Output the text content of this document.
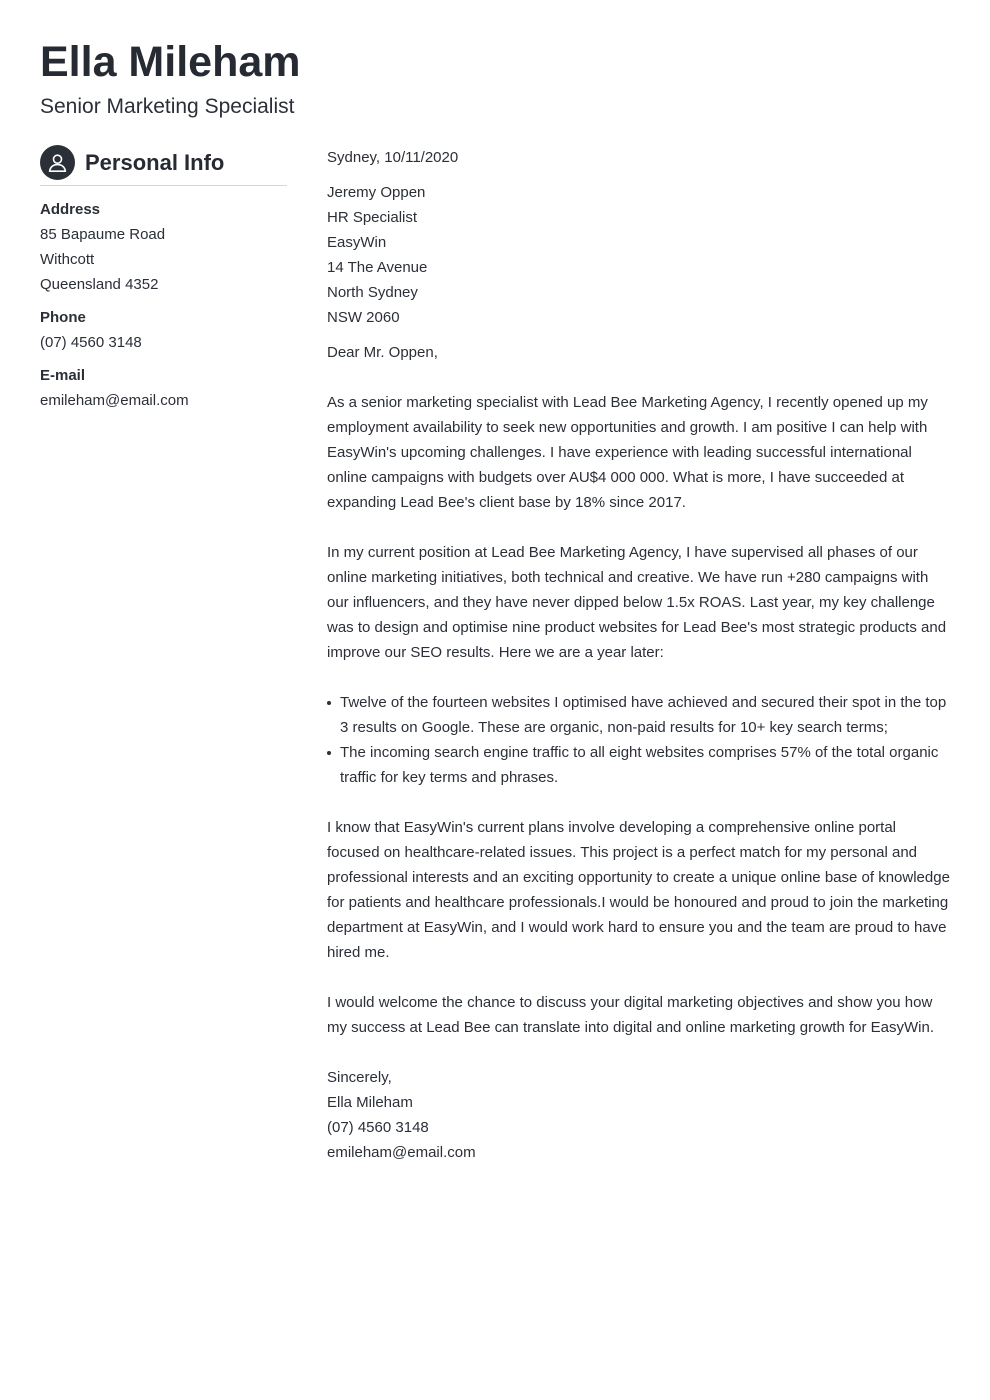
Ella Mileham
Senior Marketing Specialist
Personal Info
Address
85 Bapaume Road
Withcott
Queensland 4352
Phone
(07) 4560 3148
E-mail
emileham@email.com
Sydney, 10/11/2020
Jeremy Oppen
HR Specialist
EasyWin
14 The Avenue
North Sydney
NSW 2060
Dear Mr. Oppen,

As a senior marketing specialist with Lead Bee Marketing Agency, I recently opened up my employment availability to seek new opportunities and growth. I am positive I can help with EasyWin's upcoming challenges. I have experience with leading successful international online campaigns with budgets over AU$4 000 000. What is more, I have succeeded at expanding Lead Bee's client base by 18% since 2017.

In my current position at Lead Bee Marketing Agency, I have supervised all phases of our online marketing initiatives, both technical and creative. We have run +280 campaigns with our influencers, and they have never dipped below 1.5x ROAS. Last year, my key challenge was to design and optimise nine product websites for Lead Bee's most strategic products and improve our SEO results. Here we are a year later:

Twelve of the fourteen websites I optimised have achieved and secured their spot in the top 3 results on Google. These are organic, non-paid results for 10+ key search terms;
The incoming search engine traffic to all eight websites comprises 57% of the total organic traffic for key terms and phrases.

I know that EasyWin's current plans involve developing a comprehensive online portal focused on healthcare-related issues. This project is a perfect match for my personal and professional interests and an exciting opportunity to create a unique online base of knowledge for patients and healthcare professionals.I would be honoured and proud to join the marketing department at EasyWin, and I would work hard to ensure you and the team are proud to have hired me.

I would welcome the chance to discuss your digital marketing objectives and show you how my success at Lead Bee can translate into digital and online marketing growth for EasyWin.

Sincerely,
Ella Mileham
(07) 4560 3148
emileham@email.com
